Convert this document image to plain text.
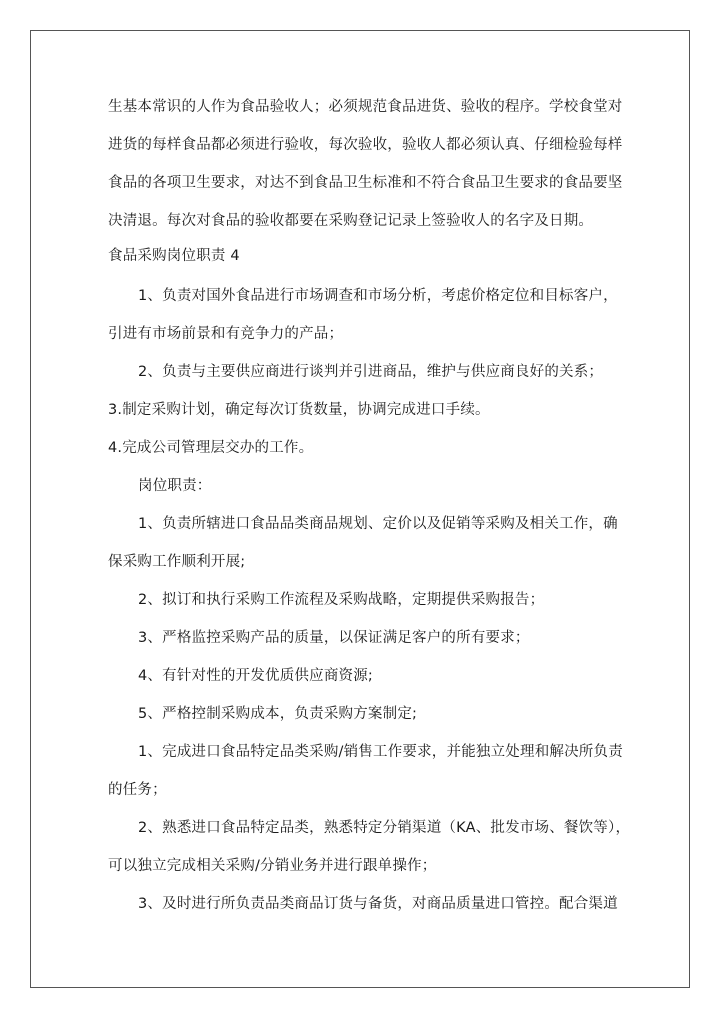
生基本常识的人作为食品验收人；必须规范食品进货、验收的程序。学校食堂对
进货的每样食品都必须进行验收，每次验收，验收人都必须认真、仔细检验每样
食品的各项卫生要求，对达不到食品卫生标准和不符合食品卫生要求的食品要坚
决清退。每次对食品的验收都要在采购登记记录上签验收人的名字及日期。
食品采购岗位职责 4
1、负责对国外食品进行市场调查和市场分析，考虑价格定位和目标客户，
引进有市场前景和有竞争力的产品；
2、负责与主要供应商进行谈判并引进商品，维护与供应商良好的关系；
3.制定采购计划，确定每次订货数量，协调完成进口手续。
4.完成公司管理层交办的工作。
岗位职责：
1、负责所辖进口食品品类商品规划、定价以及促销等采购及相关工作，确
保采购工作顺利开展;
2、拟订和执行采购工作流程及采购战略，定期提供采购报告；
3、严格监控采购产品的质量，以保证满足客户的所有要求；
4、有针对性的开发优质供应商资源;
5、严格控制采购成本，负责采购方案制定;
1、完成进口食品特定品类采购/销售工作要求，并能独立处理和解决所负责
的任务；
2、熟悉进口食品特定品类，熟悉特定分销渠道（KA、批发市场、餐饮等），
可以独立完成相关采购/分销业务并进行跟单操作；
3、及时进行所负责品类商品订货与备货，对商品质量进口管控。配合渠道
